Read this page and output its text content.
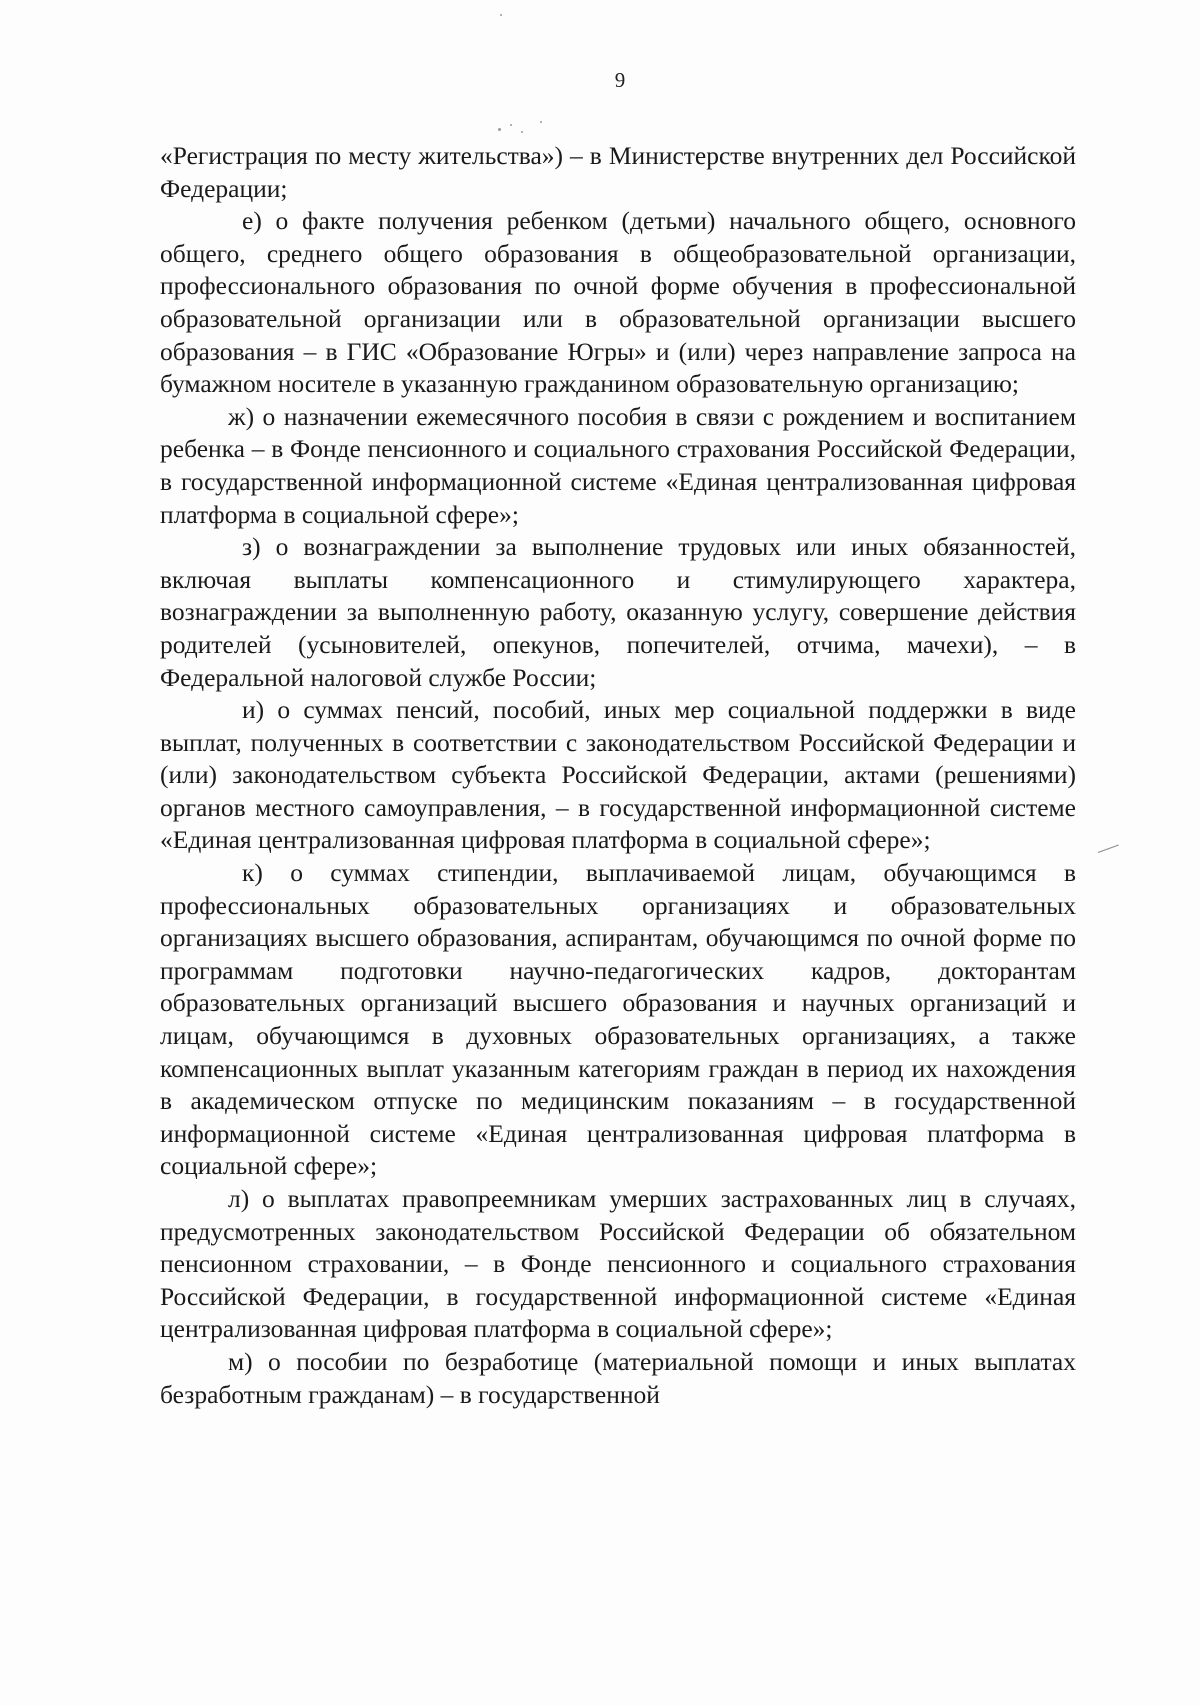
9

«Регистрация по месту жительства») – в Министерстве внутренних дел Российской Федерации;

е) о факте получения ребенком (детьми) начального общего, основного общего, среднего общего образования в общеобразовательной организации, профессионального образования по очной форме обучения в профессиональной образовательной организации или в образовательной организации высшего образования – в ГИС «Образование Югры» и (или) через направление запроса на бумажном носителе в указанную гражданином образовательную организацию;

ж) о назначении ежемесячного пособия в связи с рождением и воспитанием ребенка – в Фонде пенсионного и социального страхования Российской Федерации, в государственной информационной системе «Единая централизованная цифровая платформа в социальной сфере»;

з) о вознаграждении за выполнение трудовых или иных обязанностей, включая выплаты компенсационного и стимулирующего характера, вознаграждении за выполненную работу, оказанную услугу, совершение действия родителей (усыновителей, опекунов, попечителей, отчима, мачехи), – в Федеральной налоговой службе России;

и) о суммах пенсий, пособий, иных мер социальной поддержки в виде выплат, полученных в соответствии с законодательством Российской Федерации и (или) законодательством субъекта Российской Федерации, актами (решениями) органов местного самоуправления, – в государственной информационной системе «Единая централизованная цифровая платформа в социальной сфере»;

к) о суммах стипендии, выплачиваемой лицам, обучающимся в профессиональных образовательных организациях и образовательных организациях высшего образования, аспирантам, обучающимся по очной форме по программам подготовки научно-педагогических кадров, докторантам образовательных организаций высшего образования и научных организаций и лицам, обучающимся в духовных образовательных организациях, а также компенсационных выплат указанным категориям граждан в период их нахождения в академическом отпуске по медицинским показаниям – в государственной информационной системе «Единая централизованная цифровая платформа в социальной сфере»;

л) о выплатах правопреемникам умерших застрахованных лиц в случаях, предусмотренных законодательством Российской Федерации об обязательном пенсионном страховании, – в Фонде пенсионного и социального страхования Российской Федерации, в государственной информационной системе «Единая централизованная цифровая платформа в социальной сфере»;

м) о пособии по безработице (материальной помощи и иных выплатах безработным гражданам) – в государственной
